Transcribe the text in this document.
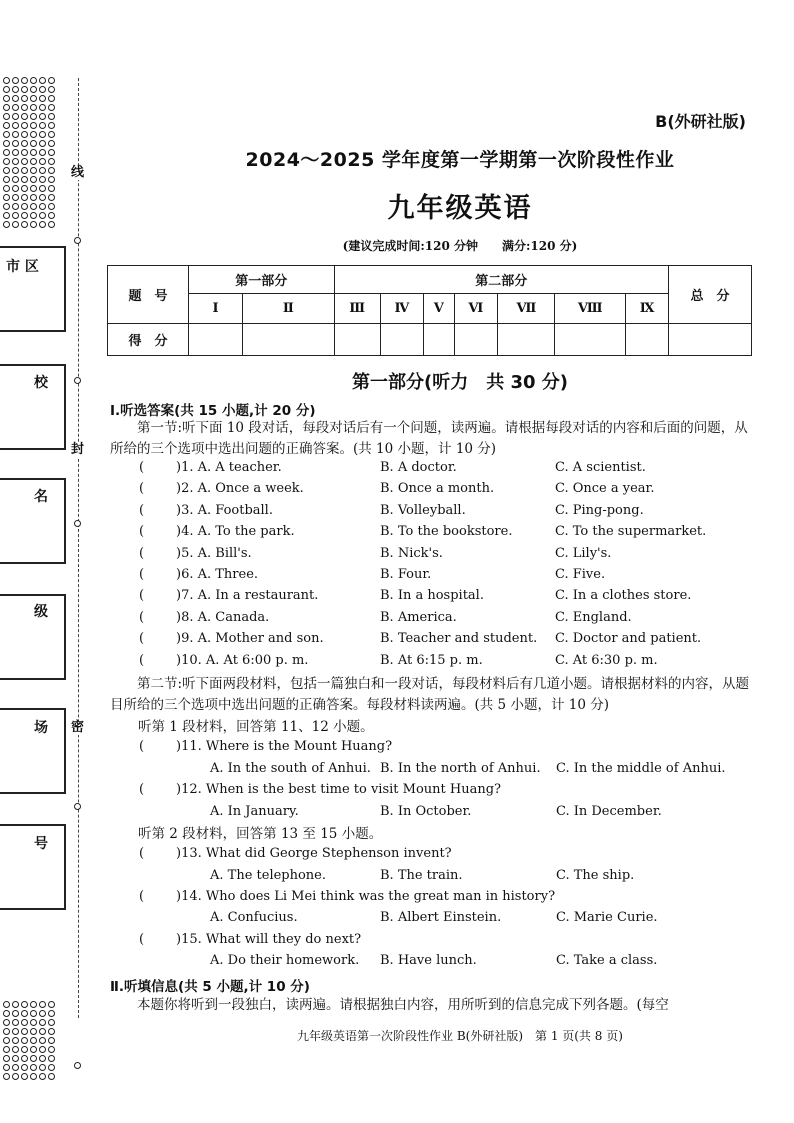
市 区
校
名
级
场
号
线
封
密
B(外研社版)
2024～2025 学年度第一学期第一次阶段性作业
九年级英语
(建议完成时间:120 分钟　　满分:120 分)
题　号	第一部分		第二部分							总　分
	Ⅰ	Ⅱ	Ⅲ	Ⅳ	Ⅴ	Ⅵ	Ⅶ	Ⅷ	Ⅸ	
得　分										
第一部分(听力　共 30 分)
Ⅰ.听选答案(共 15 小题,计 20 分)
第一节:听下面 10 段对话，每段对话后有一个问题，读两遍。请根据每段对话的内容和后面的问题，从所给的三个选项中选出问题的正确答案。(共 10 小题，计 10 分)
( )1. A. A teacher.	B. A doctor.	C. A scientist.
( )2. A. Once a week.	B. Once a month.	C. Once a year.
( )3. A. Football.	B. Volleyball.	C. Ping-pong.
( )4. A. To the park.	B. To the bookstore.	C. To the supermarket.
( )5. A. Bill's.	B. Nick's.	C. Lily's.
( )6. A. Three.	B. Four.	C. Five.
( )7. A. In a restaurant.	B. In a hospital.	C. In a clothes store.
( )8. A. Canada.	B. America.	C. England.
( )9. A. Mother and son.	B. Teacher and student. C. Doctor and patient.
( )10. A. At 6:00 p. m.	B. At 6:15 p. m.	C. At 6:30 p. m.
第二节:听下面两段材料，包括一篇独白和一段对话，每段材料后有几道小题。请根据材料的内容，从题目所给的三个选项中选出问题的正确答案。每段材料读两遍。(共 5 小题，计 10 分)
听第 1 段材料，回答第 11、12 小题。
( )11. Where is the Mount Huang?
A. In the south of Anhui. B. In the north of Anhui. C. In the middle of Anhui.
( )12. When is the best time to visit Mount Huang?
A. In January.	B. In October.	C. In December.
听第 2 段材料，回答第 13 至 15 小题。
( )13. What did George Stephenson invent?
A. The telephone.	B. The train.	C. The ship.
( )14. Who does Li Mei think was the great man in history?
A. Confucius.	B. Albert Einstein.	C. Marie Curie.
( )15. What will they do next?
A. Do their homework. B. Have lunch.	C. Take a class.
Ⅱ.听填信息(共 5 小题,计 10 分)
本题你将听到一段独白，读两遍。请根据独白内容，用所听到的信息完成下列各题。(每空
九年级英语第一次阶段性作业 B(外研社版)　第 1 页(共 8 页)
